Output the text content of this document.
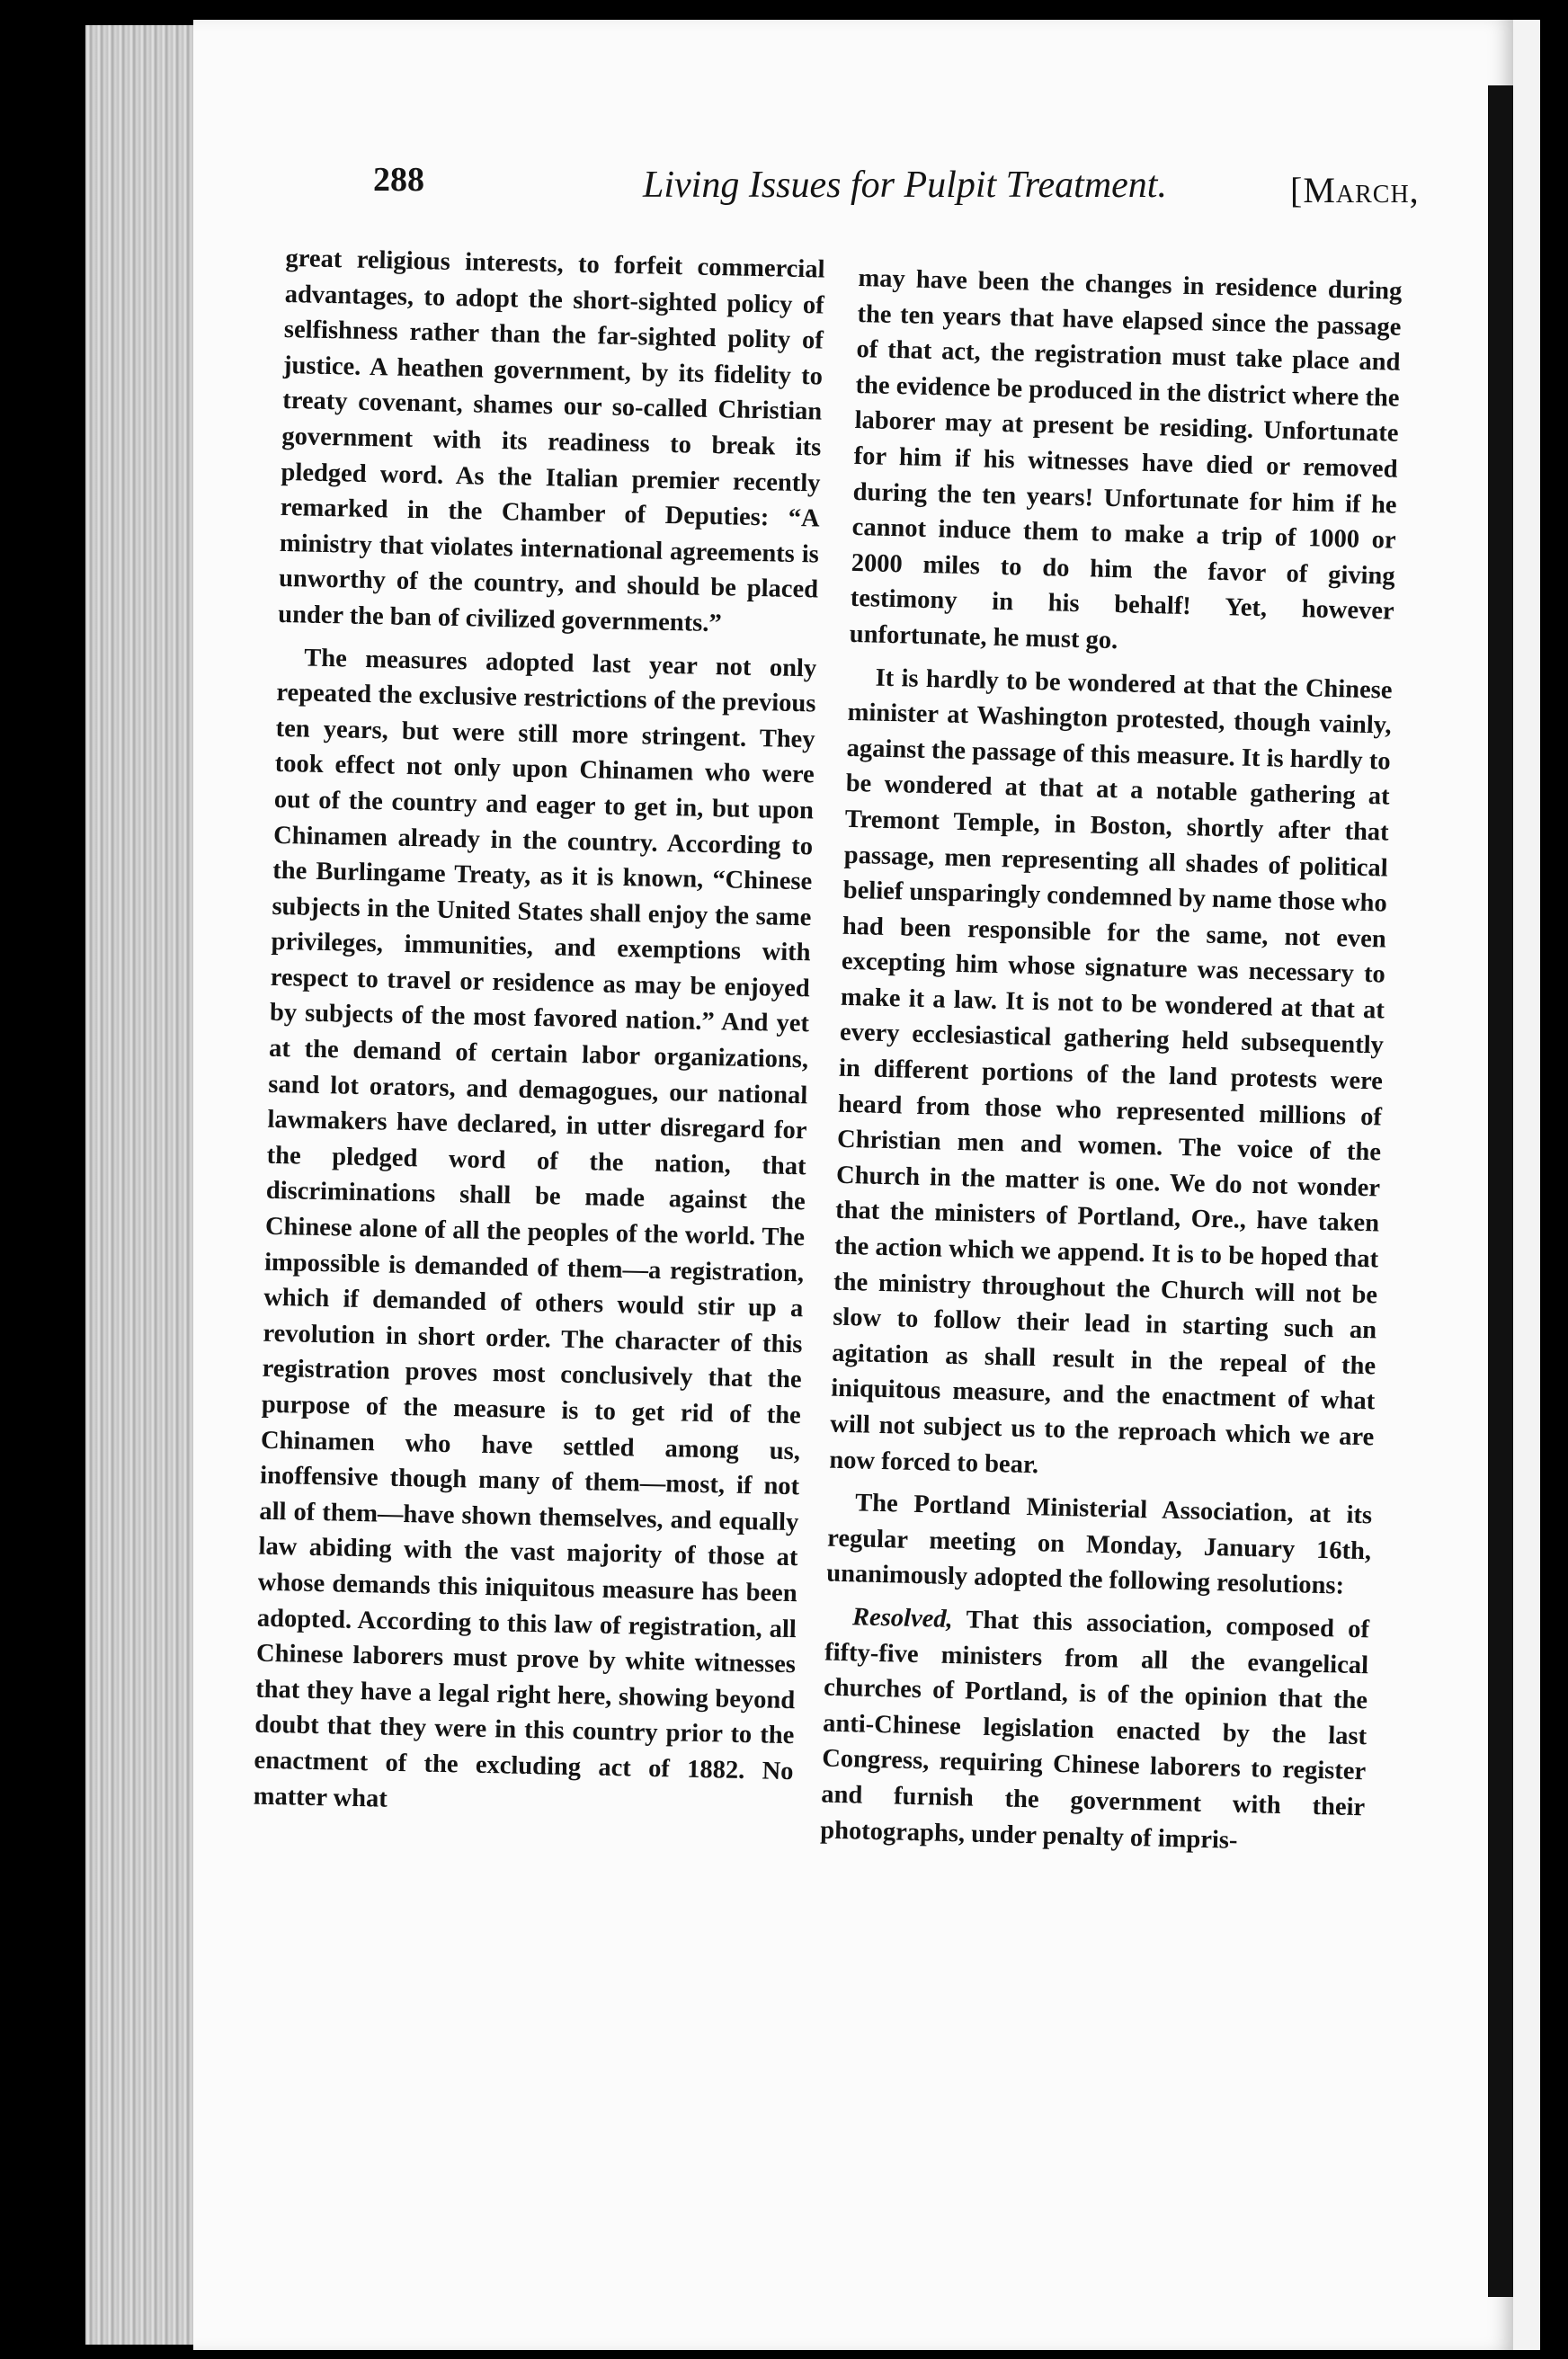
288	Living Issues for Pulpit Treatment.	[March,

great religious interests, to forfeit commercial advantages, to adopt the short-sighted policy of selfishness rather than the far-sighted polity of justice. A heathen government, by its fidelity to treaty covenant, shames our so-called Christian government with its readiness to break its pledged word. As the Italian premier recently remarked in the Chamber of Deputies: “A ministry that violates international agreements is unworthy of the country, and should be placed under the ban of civilized governments.”

The measures adopted last year not only repeated the exclusive restrictions of the previous ten years, but were still more stringent. They took effect not only upon Chinamen who were out of the country and eager to get in, but upon Chinamen already in the country. According to the Burlingame Treaty, as it is known, “Chinese subjects in the United States shall enjoy the same privileges, immunities, and exemptions with respect to travel or residence as may be enjoyed by subjects of the most favored nation.” And yet at the demand of certain labor organizations, sand lot orators, and demagogues, our national lawmakers have declared, in utter disregard for the pledged word of the nation, that discriminations shall be made against the Chinese alone of all the peoples of the world. The impossible is demanded of them—a registration, which if demanded of others would stir up a revolution in short order. The character of this registration proves most conclusively that the purpose of the measure is to get rid of the Chinamen who have settled among us, inoffensive though many of them—most, if not all of them—have shown themselves, and equally law abiding with the vast majority of those at whose demands this iniquitous measure has been adopted. According to this law of registration, all Chinese laborers must prove by white witnesses that they have a legal right here, showing beyond doubt that they were in this country prior to the enactment of the excluding act of 1882. No matter what

may have been the changes in residence during the ten years that have elapsed since the passage of that act, the registration must take place and the evidence be produced in the district where the laborer may at present be residing. Unfortunate for him if his witnesses have died or removed during the ten years! Unfortunate for him if he cannot induce them to make a trip of 1000 or 2000 miles to do him the favor of giving testimony in his behalf! Yet, however unfortunate, he must go.

It is hardly to be wondered at that the Chinese minister at Washington protested, though vainly, against the passage of this measure. It is hardly to be wondered at that at a notable gathering at Tremont Temple, in Boston, shortly after that passage, men representing all shades of political belief unsparingly condemned by name those who had been responsible for the same, not even excepting him whose signature was necessary to make it a law. It is not to be wondered at that at every ecclesiastical gathering held subsequently in different portions of the land protests were heard from those who represented millions of Christian men and women. The voice of the Church in the matter is one. We do not wonder that the ministers of Portland, Ore., have taken the action which we append. It is to be hoped that the ministry throughout the Church will not be slow to follow their lead in starting such an agitation as shall result in the repeal of the iniquitous measure, and the enactment of what will not subject us to the reproach which we are now forced to bear.

The Portland Ministerial Association, at its regular meeting on Monday, January 16th, unanimously adopted the following resolutions:

Resolved, That this association, composed of fifty-five ministers from all the evangelical churches of Portland, is of the opinion that the anti-Chinese legislation enacted by the last Congress, requiring Chinese laborers to register and furnish the government with their photographs, under penalty of impris-
